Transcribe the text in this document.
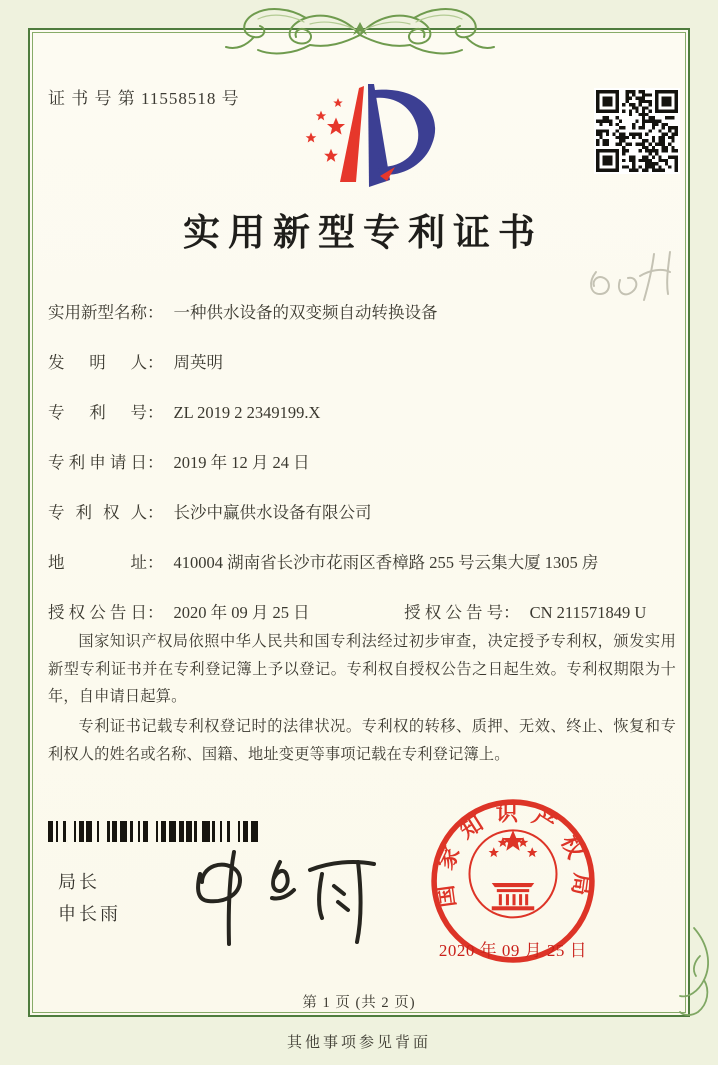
证 书 号 第 11558518 号
实用新型专利证书
实用新型名称： 一种供水设备的双变频自动转换设备
发明人： 周英明
专利号： ZL 2019 2 2349199.X
专利申请日： 2019 年 12 月 24 日
专利权人： 长沙中赢供水设备有限公司
地址： 410004 湖南省长沙市花雨区香樟路 255 号云集大厦 1305 房
授权公告日： 2020 年 09 月 25 日	授权公告号： CN 211571849 U

国家知识产权局依照中华人民共和国专利法经过初步审查，决定授予专利权，颁发实用新型专利证书并在专利登记簿上予以登记。专利权自授权公告之日起生效。专利权期限为十年，自申请日起算。

专利证书记载专利权登记时的法律状况。专利权的转移、质押、无效、终止、恢复和专利权人的姓名或名称、国籍、地址变更等事项记载在专利登记簿上。

局长
申长雨
国家知识产权局
2020 年 09 月 25 日
第 1 页 (共 2 页)
其他事项参见背面
